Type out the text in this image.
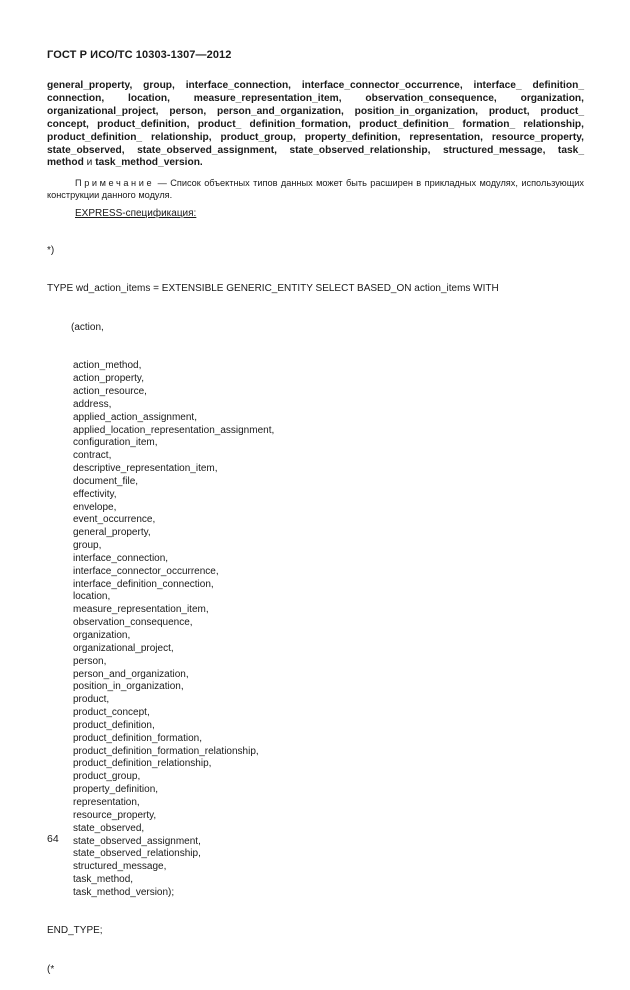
ГОСТ Р ИСО/ТС 10303-1307—2012
general_property, group, interface_connection, interface_connector_occurrence, interface_ definition_ connection, location, measure_representation_item, observation_consequence, organization, organizational_project, person, person_and_organization, position_in_organization, product, product_ concept, product_definition, product_ definition_formation, product_definition_ formation_ relationship, product_definition_ relationship, product_group, property_definition, representation, resource_property, state_observed, state_observed_assignment, state_observed_relationship, structured_message, task_ method и task_method_version.
Примечание — Список объектных типов данных может быть расширен в прикладных модулях, использующих конструкции данного модуля.
EXPRESS-спецификация:

*)

TYPE wd_action_items = EXTENSIBLE GENERIC_ENTITY SELECT BASED_ON action_items WITH

(action,

action_method,
action_property,
action_resource,
address,
applied_action_assignment,
applied_location_representation_assignment,
configuration_item,
contract,
descriptive_representation_item,
document_file,
effectivity,
envelope,
event_occurrence,
general_property,
group,
interface_connection,
interface_connector_occurrence,
interface_definition_connection,
location,
measure_representation_item,
observation_consequence,
organization,
organizational_project,
person,
person_and_organization,
position_in_organization,
product,
product_concept,
product_definition,
product_definition_formation,
product_definition_formation_relationship,
product_definition_relationship,
product_group,
property_definition,
representation,
resource_property,
state_observed,
state_observed_assignment,
state_observed_relationship,
structured_message,
task_method,
task_method_version);

END_TYPE;

(*

64
